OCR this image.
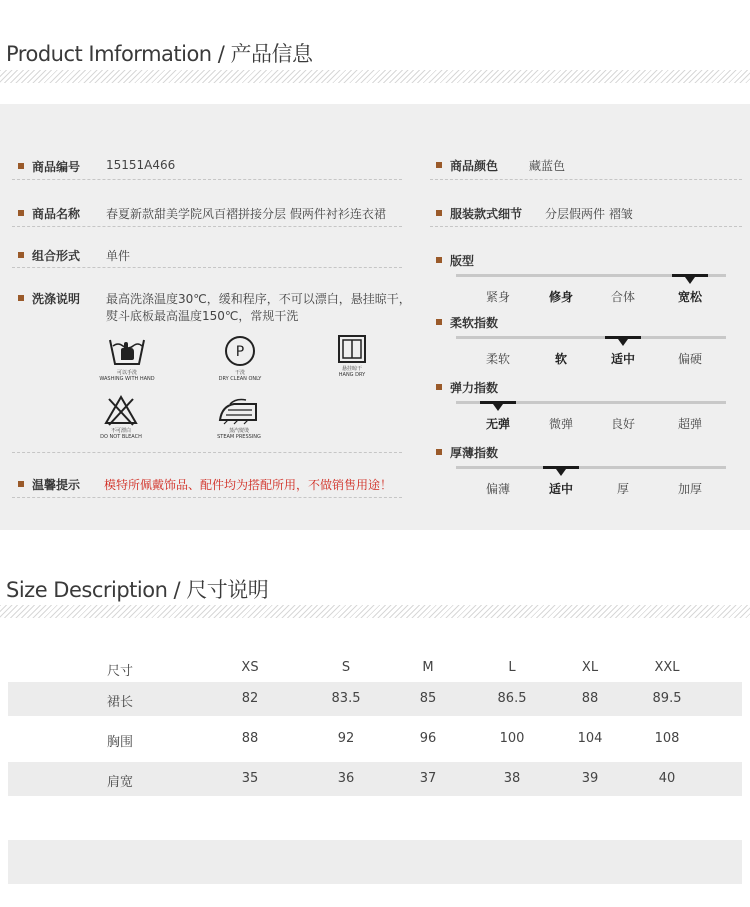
Product Imformation / 产品信息
商品编号 15151A466
商品名称 春夏新款甜美学院风百褶拼接分层 假两件衬衫连衣裙
组合形式 单件
洗涤说明 最高洗涤温度30℃，缓和程序，不可以漂白，悬挂晾干，
熨斗底板最高温度150℃，常规干洗
可以手洗
WASHING WITH HAND
P
干洗
DRY CLEAN ONLY
悬挂晾干
HANG DRY
不可漂白
DO NOT BLEACH
蒸汽熨烫
STEAM PRESSING
温馨提示 模特所佩戴饰品、配件均为搭配所用，不做销售用途！
商品颜色	藏蓝色
服装款式细节 分层假两件 褶皱
版型
紧身	修身	合体	宽松
柔软指数
柔软	软	适中	偏硬
弹力指数
无弹	微弹	良好	超弹
厚薄指数
偏薄	适中	厚	加厚
Size Description / 尺寸说明
尺寸	XS	S	M	L	XL	XXL
裙长	82	83.5	85	86.5	88	89.5
胸围	88	92	96	100	104	108
肩宽	35	36	37	38	39	40
